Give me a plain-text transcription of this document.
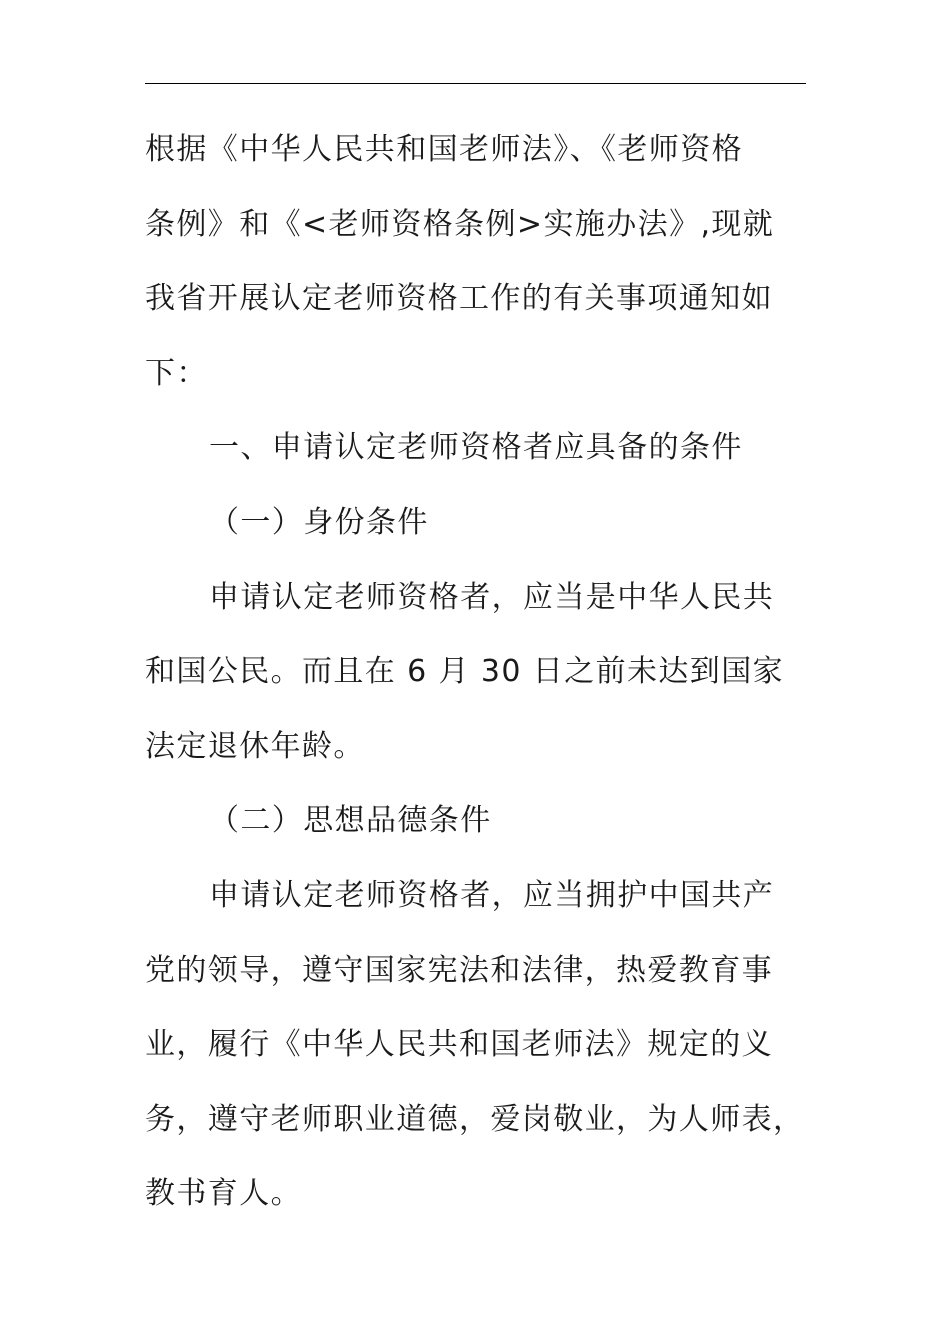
根据《中华人民共和国老师法》、《老师资格
条例》和《<老师资格条例>实施办法》,现就
我省开展认定老师资格工作的有关事项通知如
下：

一、申请认定老师资格者应具备的条件

（一）身份条件

申请认定老师资格者，应当是中华人民共
和国公民。而且在 6 月 30 日之前未达到国家
法定退休年龄。

（二）思想品德条件

申请认定老师资格者，应当拥护中国共产
党的领导，遵守国家宪法和法律，热爱教育事
业，履行《中华人民共和国老师法》规定的义
务，遵守老师职业道德，爱岗敬业，为人师表，
教书育人。
